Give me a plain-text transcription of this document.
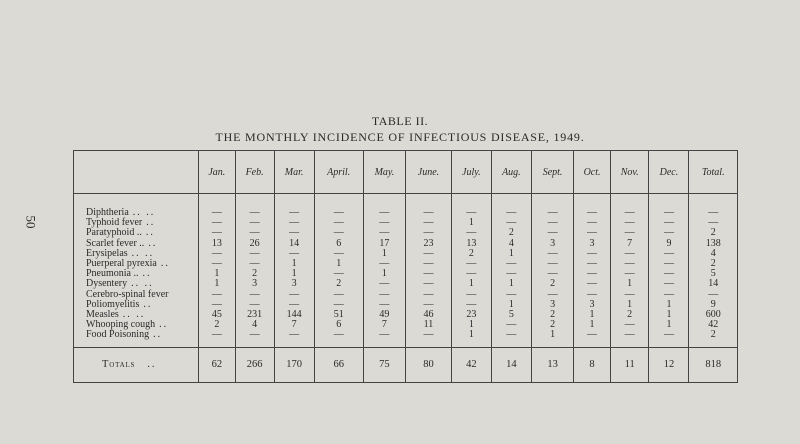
50
TABLE II.
THE MONTHLY INCIDENCE OF INFECTIOUS DISEASE, 1949.
	Jan.	Feb.	Mar.	April.	May.	June.	July.	Aug.	Sept.	Oct.	Nov.	Dec.	Total.

Diphtheria .. ..	—	—	—	—	—	—	—	—	—	—	—	—	—
Typhoid fever ..	—	—	—	—	—	—	1	—	—	—	—	—	—
Paratyphoid .. ..	—	—	—	—	—	—	—	2	—	—	—	—	2
Scarlet fever .. ..	13	26	14	6	17	23	13	4	3	3	7	9	138
Erysipelas .. ..	—	—	—	—	1	—	2	1	—	—	—	—	4
Puerperal pyrexia ..	—	—	1	1	—	—	—	—	—	—	—	—	2
Pneumonia .. ..	1	2	1	—	1	—	—	—	—	—	—	—	5
Dysentery .. ..	1	3	3	2	—	—	1	1	2	—	1	—	14
Cerebro-spinal fever	—	—	—	—	—	—	—	—	—	—	—	—	—
Poliomyelitis ..	—	—	—	—	—	—	—	1	3	3	1	1	9
Measles .. ..	45	231	144	51	49	46	23	5	2	1	2	1	600
Whooping cough ..	2	4	7	6	7	11	1	—	2	1	—	1	42
Food Poisoning ..	—	—	—	—	—	—	1	—	1	—	—	—	2

Totals ..	62	266	170	66	75	80	42	14	13	8	11	12	818
